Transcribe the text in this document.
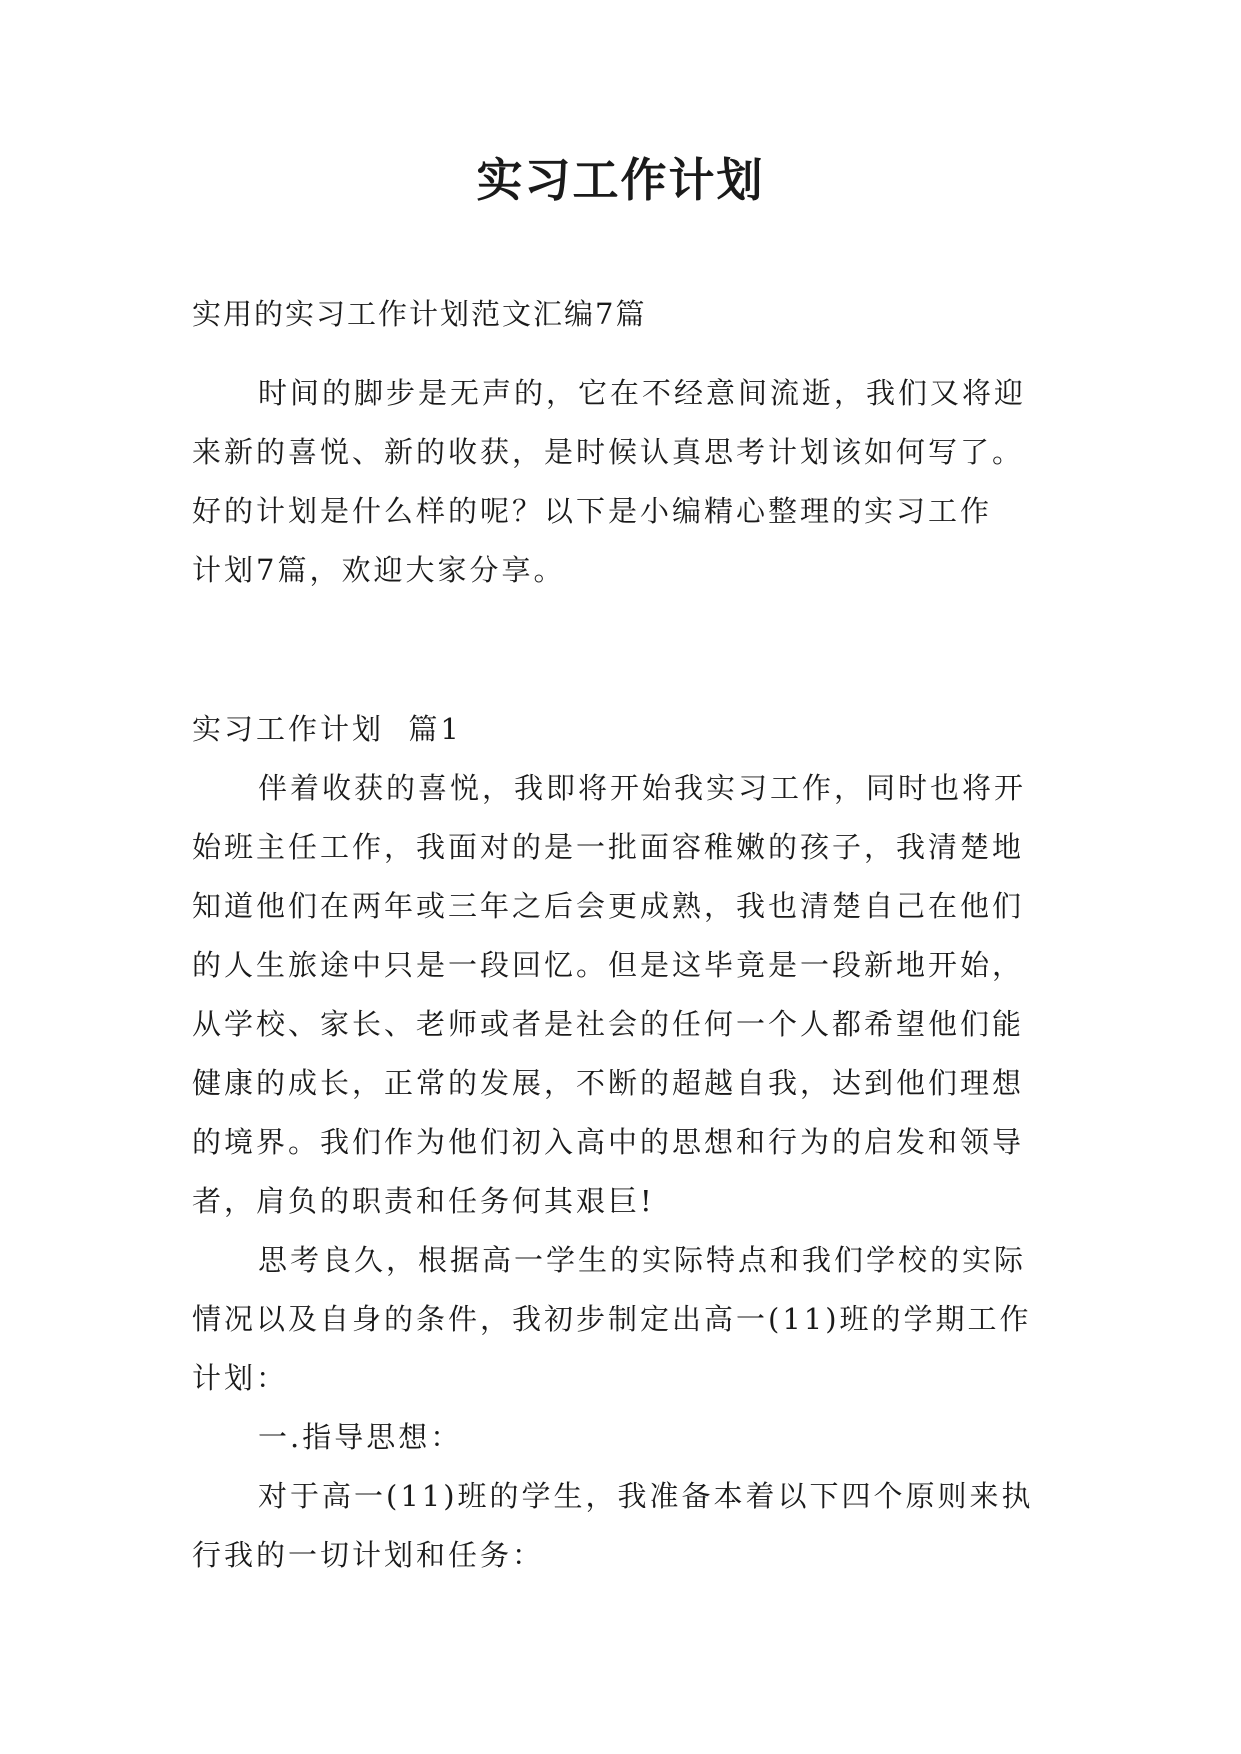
实习工作计划
实用的实习工作计划范文汇编7篇
时间的脚步是无声的，它在不经意间流逝，我们又将迎
来新的喜悦、新的收获，是时候认真思考计划该如何写了。
好的计划是什么样的呢？以下是小编精心整理的实习工作
计划7篇，欢迎大家分享。
实习工作计划  篇1
伴着收获的喜悦，我即将开始我实习工作，同时也将开
始班主任工作，我面对的是一批面容稚嫩的孩子，我清楚地
知道他们在两年或三年之后会更成熟，我也清楚自己在他们
的人生旅途中只是一段回忆。但是这毕竟是一段新地开始，
从学校、家长、老师或者是社会的任何一个人都希望他们能
健康的成长，正常的发展，不断的超越自我，达到他们理想
的境界。我们作为他们初入高中的思想和行为的启发和领导
者，肩负的职责和任务何其艰巨!
思考良久，根据高一学生的实际特点和我们学校的实际
情况以及自身的条件，我初步制定出高一(11)班的学期工作
计划：
一.指导思想：
对于高一(11)班的学生，我准备本着以下四个原则来执
行我的一切计划和任务：
